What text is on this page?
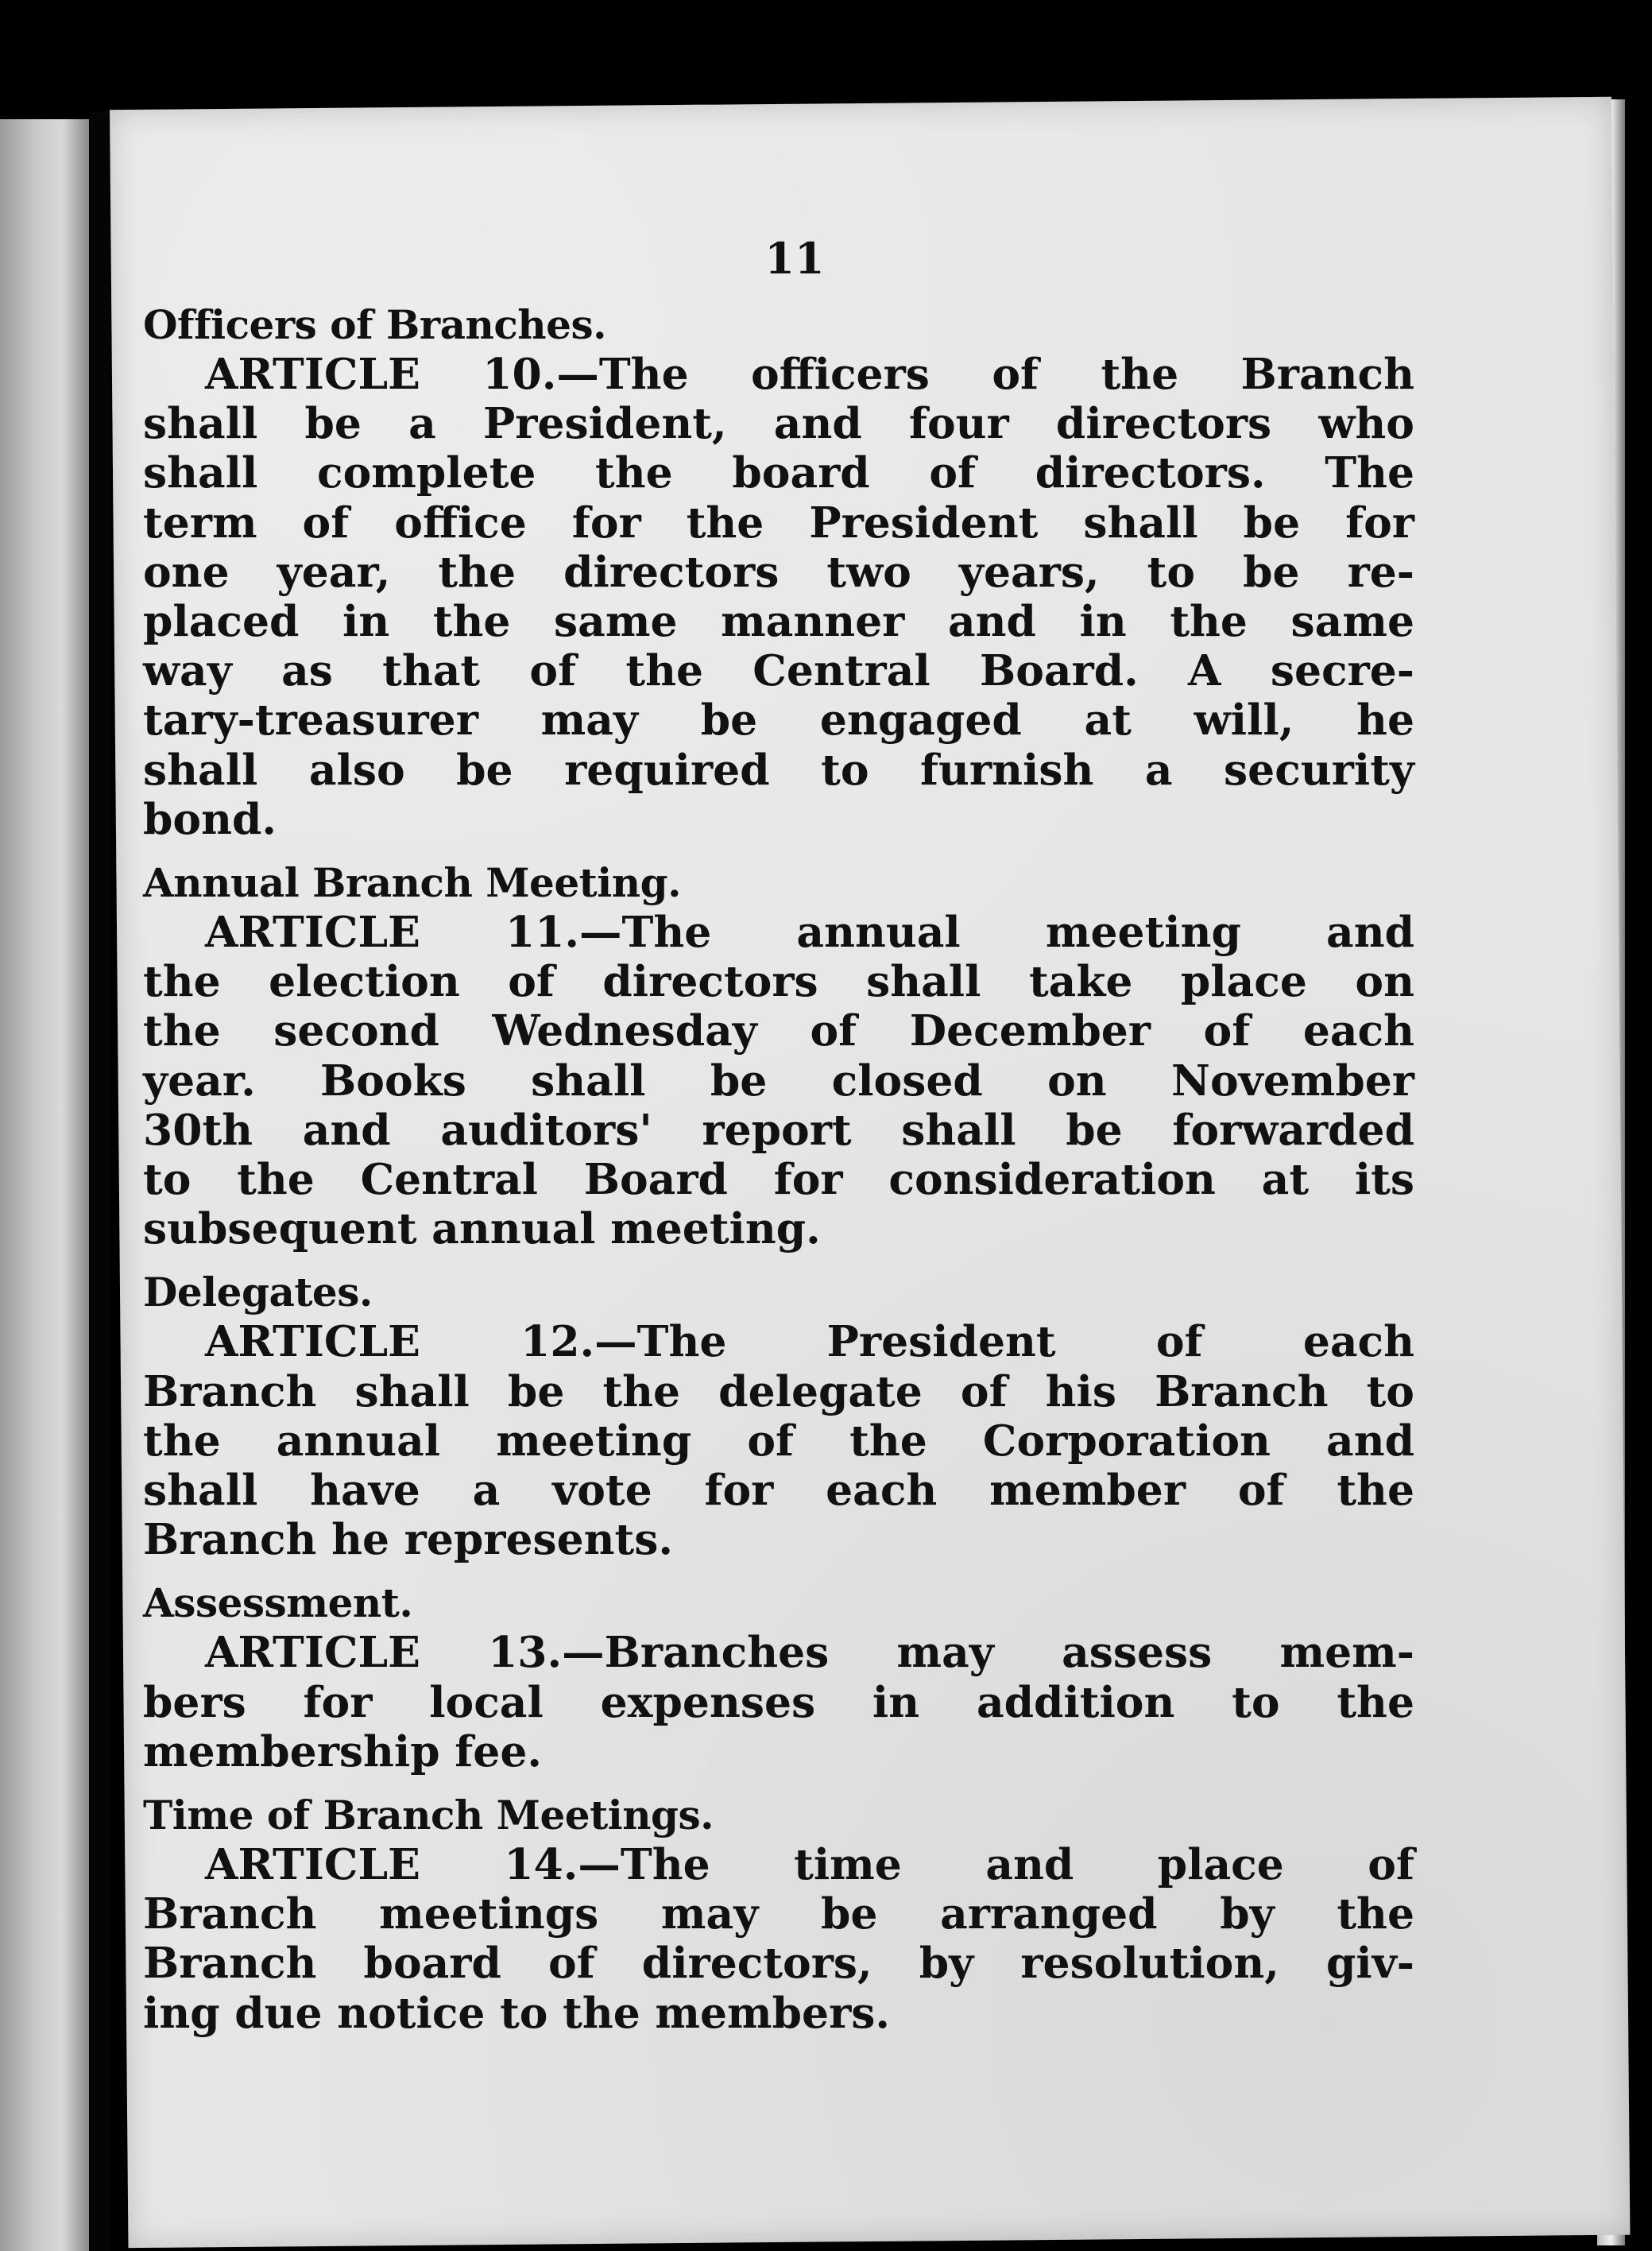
11
Officers of Branches.
ARTICLE 10.—The officers of the Branch
shall be a President, and four directors who
shall complete the board of directors. The
term of office for the President shall be for
one year, the directors two years, to be re-
placed in the same manner and in the same
way as that of the Central Board. A secre-
tary-treasurer may be engaged at will, he
shall also be required to furnish a security
bond.
Annual Branch Meeting.
ARTICLE 11.—The annual meeting and
the election of directors shall take place on
the second Wednesday of December of each
year. Books shall be closed on November
30th and auditors' report shall be forwarded
to the Central Board for consideration at its
subsequent annual meeting.
Delegates.
ARTICLE 12.—The President of each
Branch shall be the delegate of his Branch to
the annual meeting of the Corporation and
shall have a vote for each member of the
Branch he represents.
Assessment.
ARTICLE 13.—Branches may assess mem-
bers for local expenses in addition to the
membership fee.
Time of Branch Meetings.
ARTICLE 14.—The time and place of
Branch meetings may be arranged by the
Branch board of directors, by resolution, giv-
ing due notice to the members.
